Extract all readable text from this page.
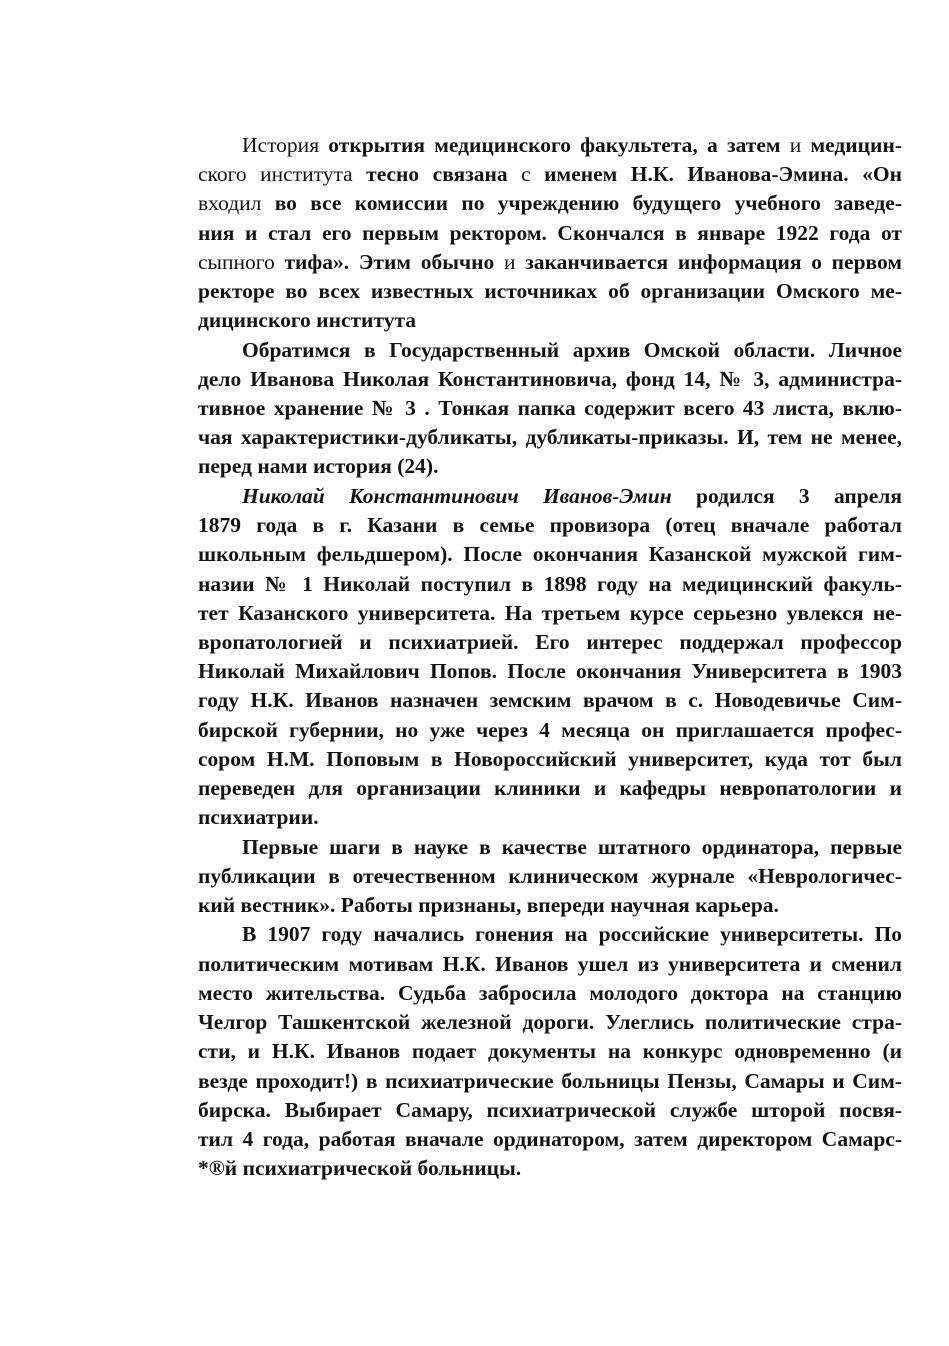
История открытия медицинского факультета, а затем и медицин-
ского института тесно связана с именем Н.К. Иванова-Эмина. «Он
входил во все комиссии по учреждению будущего учебного заведе-
ния и стал его первым ректором. Скончался в январе 1922 года от
сыпного тифа». Этим обычно и заканчивается информация о первом
ректоре во всех известных источниках об организации Омского ме-
дицинского института
Обратимся в Государственный архив Омской области. Личное
дело Иванова Николая Константиновича, фонд 14, № 3, администра-
тивное хранение № 3 . Тонкая папка содержит всего 43 листа, вклю-
чая характеристики-дубликаты, дубликаты-приказы. И, тем не менее,
перед нами история (24).
Николай Константинович Иванов-Эмин родился 3 апреля
1879 года в г. Казани в семье провизора (отец вначале работал
школьным фельдшером). После окончания Казанской мужской гим-
назии № 1 Николай поступил в 1898 году на медицинский факуль-
тет Казанского университета. На третьем курсе серьезно увлекся не-
вропатологией и психиатрией. Его интерес поддержал профессор
Николай Михайлович Попов. После окончания Университета в 1903
году Н.К. Иванов назначен земским врачом в с. Новодевичье Сим-
бирской губернии, но уже через 4 месяца он приглашается профес-
сором Н.М. Поповым в Новороссийский университет, куда тот был
переведен для организации клиники и кафедры невропатологии и
психиатрии.
Первые шаги в науке в качестве штатного ординатора, первые
публикации в отечественном клиническом журнале «Неврологичес-
кий вестник». Работы признаны, впереди научная карьера.
В 1907 году начались гонения на российские университеты. По
политическим мотивам Н.К. Иванов ушел из университета и сменил
место жительства. Судьба забросила молодого доктора на станцию
Челгор Ташкентской железной дороги. Улеглись политические стра-
сти, и Н.К. Иванов подает документы на конкурс одновременно (и
везде проходит!) в психиатрические больницы Пензы, Самары и Сим-
бирска. Выбирает Самару, психиатрической службе шторой посвя-
тил 4 года, работая вначале ординатором, затем директором Самарс-
*®й психиатрической больницы.
